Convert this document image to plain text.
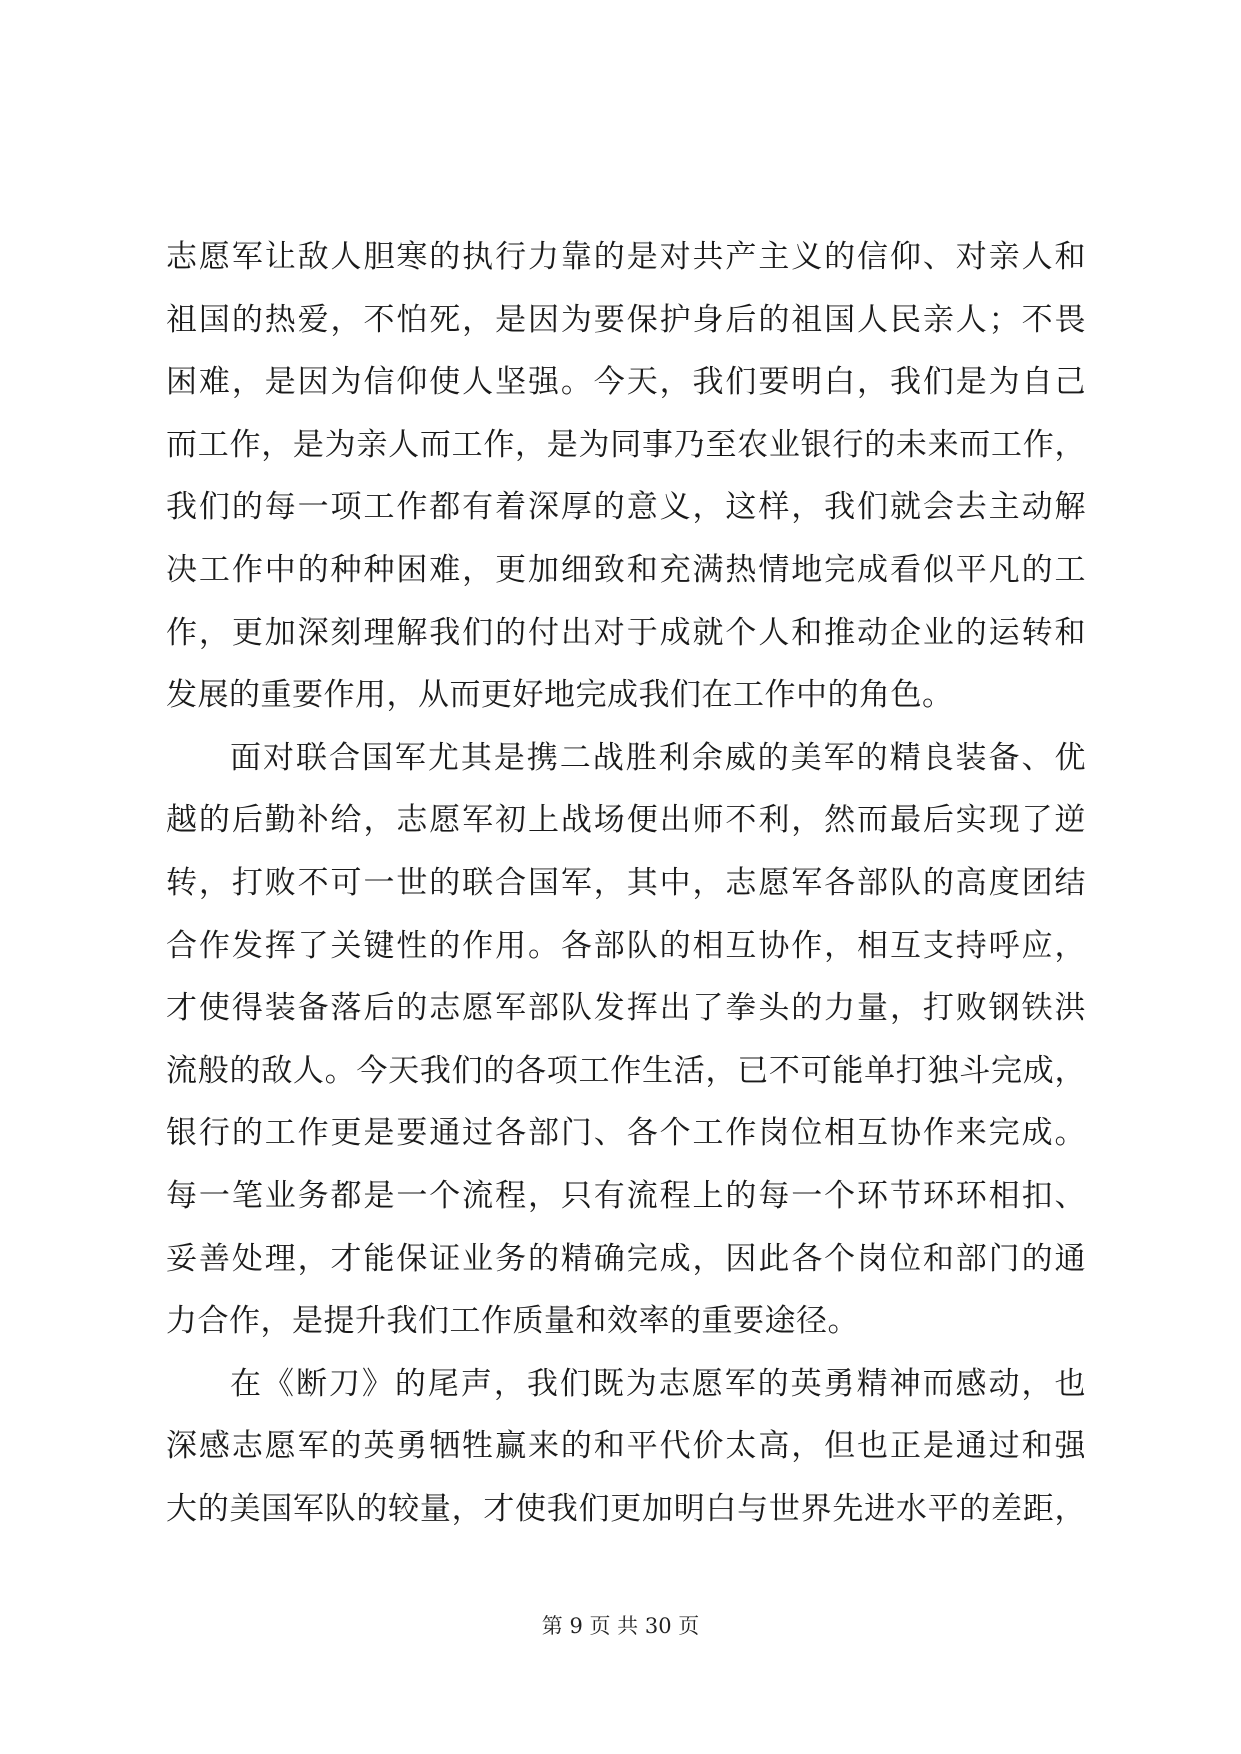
志愿军让敌人胆寒的执行力靠的是对共产主义的信仰、对亲人和
祖国的热爱，不怕死，是因为要保护身后的祖国人民亲人；不畏
困难，是因为信仰使人坚强。今天，我们要明白，我们是为自己
而工作，是为亲人而工作，是为同事乃至农业银行的未来而工作，
我们的每一项工作都有着深厚的意义，这样，我们就会去主动解
决工作中的种种困难，更加细致和充满热情地完成看似平凡的工
作，更加深刻理解我们的付出对于成就个人和推动企业的运转和
发展的重要作用，从而更好地完成我们在工作中的角色。
面对联合国军尤其是携二战胜利余威的美军的精良装备、优
越的后勤补给，志愿军初上战场便出师不利，然而最后实现了逆
转，打败不可一世的联合国军，其中，志愿军各部队的高度团结
合作发挥了关键性的作用。各部队的相互协作，相互支持呼应，
才使得装备落后的志愿军部队发挥出了拳头的力量，打败钢铁洪
流般的敌人。今天我们的各项工作生活，已不可能单打独斗完成，
银行的工作更是要通过各部门、各个工作岗位相互协作来完成。
每一笔业务都是一个流程，只有流程上的每一个环节环环相扣、
妥善处理，才能保证业务的精确完成，因此各个岗位和部门的通
力合作，是提升我们工作质量和效率的重要途径。
在《断刀》的尾声，我们既为志愿军的英勇精神而感动，也
深感志愿军的英勇牺牲赢来的和平代价太高，但也正是通过和强
大的美国军队的较量，才使我们更加明白与世界先进水平的差距，
第 9 页 共 30 页
